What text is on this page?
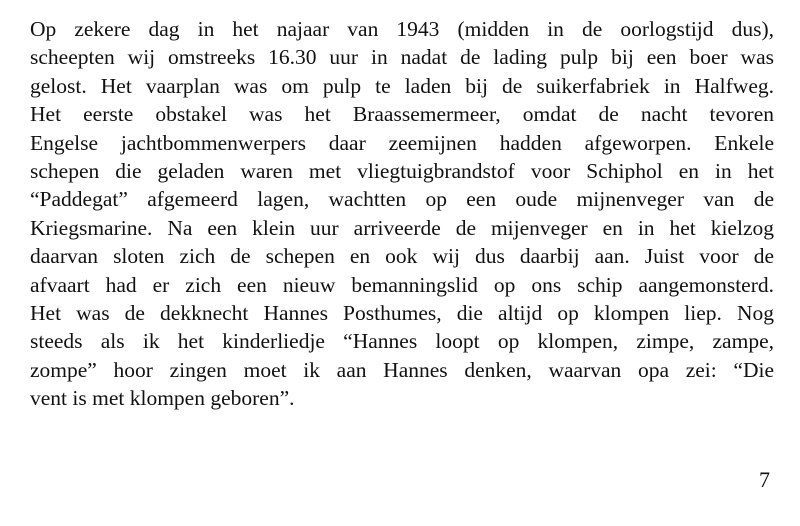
Op zekere dag in het najaar van 1943 (midden in de oorlogstijd dus),
scheepten wij omstreeks 16.30 uur in nadat de lading pulp bij een boer was
gelost. Het vaarplan was om pulp te laden bij de suikerfabriek in Halfweg.
Het eerste obstakel was het Braassemermeer, omdat de nacht tevoren
Engelse jachtbommenwerpers daar zeemijnen hadden afgeworpen. Enkele
schepen die geladen waren met vliegtuigbrandstof voor Schiphol en in het
“Paddegat” afgemeerd lagen, wachtten op een oude mijnenveger van de
Kriegsmarine. Na een klein uur arriveerde de mijenveger en in het kielzog
daarvan sloten zich de schepen en ook wij dus daarbij aan. Juist voor de
afvaart had er zich een nieuw bemanningslid op ons schip aangemonsterd.
Het was de dekknecht Hannes Posthumes, die altijd op klompen liep. Nog
steeds als ik het kinderliedje “Hannes loopt op klompen, zimpe, zampe,
zompe” hoor zingen moet ik aan Hannes denken, waarvan opa zei: “Die
vent is met klompen geboren”.
7
